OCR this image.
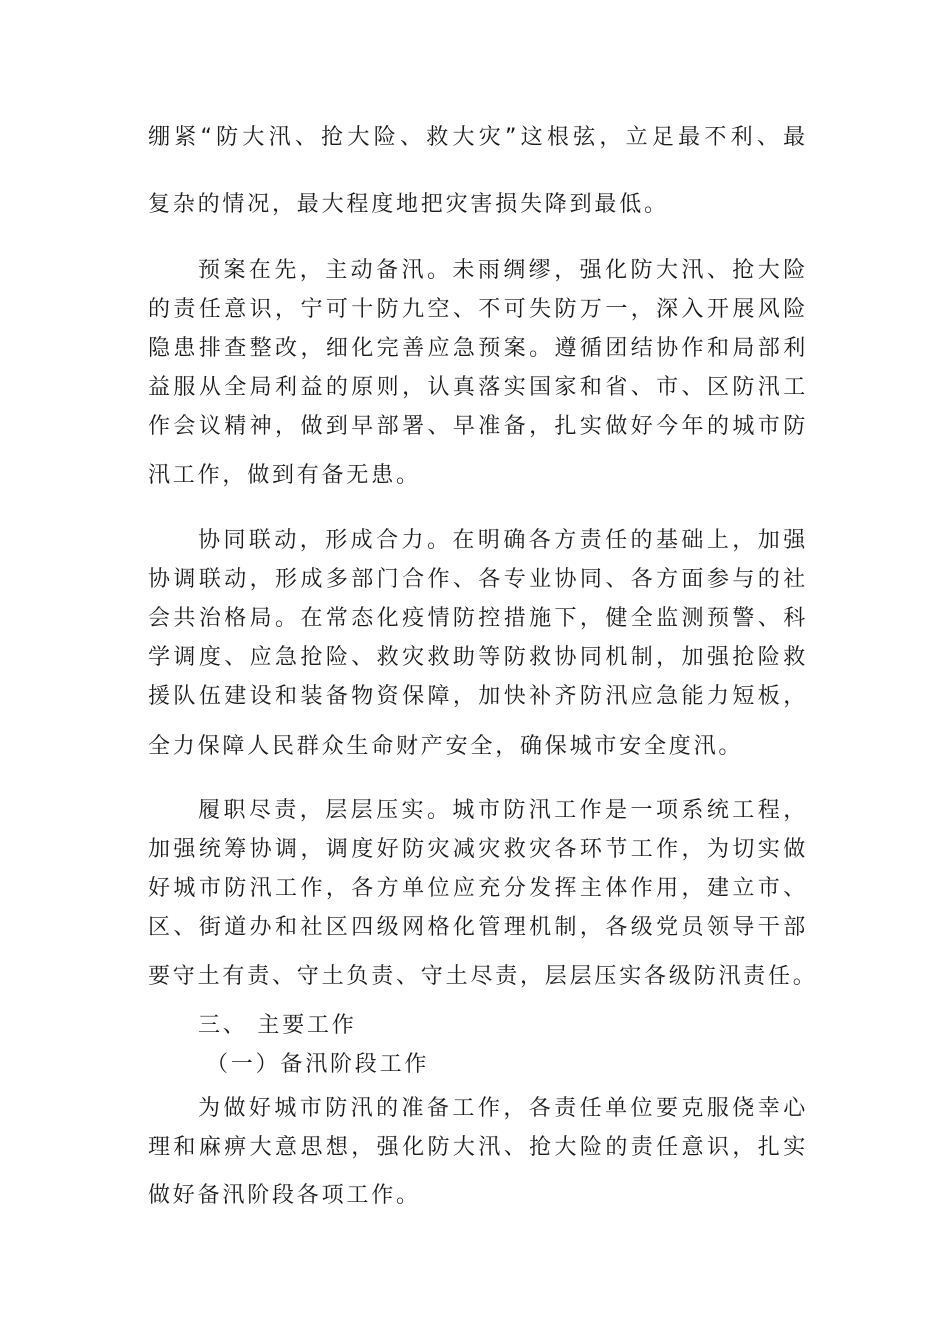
绷紧“防大汛、抢大险、救大灾”这根弦，立足最不利、最
复杂的情况，最大程度地把灾害损失降到最低。
预案在先，主动备汛。未雨绸缪，强化防大汛、抢大险
的责任意识，宁可十防九空、不可失防万一，深入开展风险
隐患排查整改，细化完善应急预案。遵循团结协作和局部利
益服从全局利益的原则，认真落实国家和省、市、区防汛工
作会议精神，做到早部署、早准备，扎实做好今年的城市防
汛工作，做到有备无患。
协同联动，形成合力。在明确各方责任的基础上，加强
协调联动，形成多部门合作、各专业协同、各方面参与的社
会共治格局。在常态化疫情防控措施下，健全监测预警、科
学调度、应急抢险、救灾救助等防救协同机制，加强抢险救
援队伍建设和装备物资保障，加快补齐防汛应急能力短板，
全力保障人民群众生命财产安全，确保城市安全度汛。
履职尽责，层层压实。城市防汛工作是一项系统工程，
加强统筹协调，调度好防灾减灾救灾各环节工作，为切实做
好城市防汛工作，各方单位应充分发挥主体作用，建立市、
区、街道办和社区四级网格化管理机制，各级党员领导干部
要守土有责、守土负责、守土尽责，层层压实各级防汛责任。
三、 主要工作
（一）备汛阶段工作
为做好城市防汛的准备工作，各责任单位要克服侥幸心
理和麻痹大意思想，强化防大汛、抢大险的责任意识，扎实
做好备汛阶段各项工作。
